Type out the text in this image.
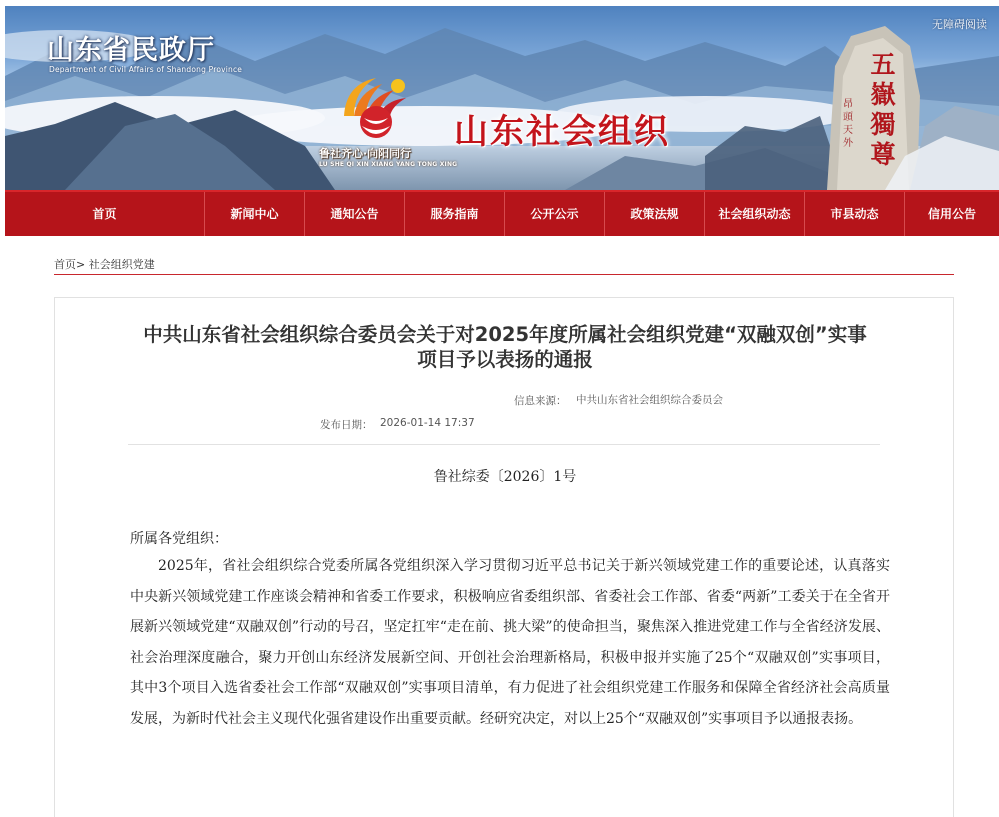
山东省民政厅
Department of Civil Affairs of Shandong Province
无障碍阅读
鲁社齐心·向阳同行
LU SHE QI XIN XIANG YANG TONG XING
山东社会组织
五嶽獨尊
昂頭天外
首页	新闻中心	通知公告	服务指南	公开公示	政策法规	社会组织动态	市县动态	信用公告
首页> 社会组织党建
中共山东省社会组织综合委员会关于对2025年度所属社会组织党建“双融双创”实事项目予以表扬的通报
信息来源： 中共山东省社会组织综合委员会
发布日期： 2026-01-14 17:37
鲁社综委〔2026〕1号
所属各党组织：
2025年，省社会组织综合党委所属各党组织深入学习贯彻习近平总书记关于新兴领域党建工作的重要论述，认真落实中央新兴领域党建工作座谈会精神和省委工作要求，积极响应省委组织部、省委社会工作部、省委“两新”工委关于在全省开展新兴领域党建“双融双创”行动的号召，坚定扛牢“走在前、挑大梁”的使命担当，聚焦深入推进党建工作与全省经济发展、社会治理深度融合，聚力开创山东经济发展新空间、开创社会治理新格局，积极申报并实施了25个“双融双创”实事项目，其中3个项目入选省委社会工作部“双融双创”实事项目清单，有力促进了社会组织党建工作服务和保障全省经济社会高质量发展，为新时代社会主义现代化强省建设作出重要贡献。经研究决定，对以上25个“双融双创”实事项目予以通报表扬。
